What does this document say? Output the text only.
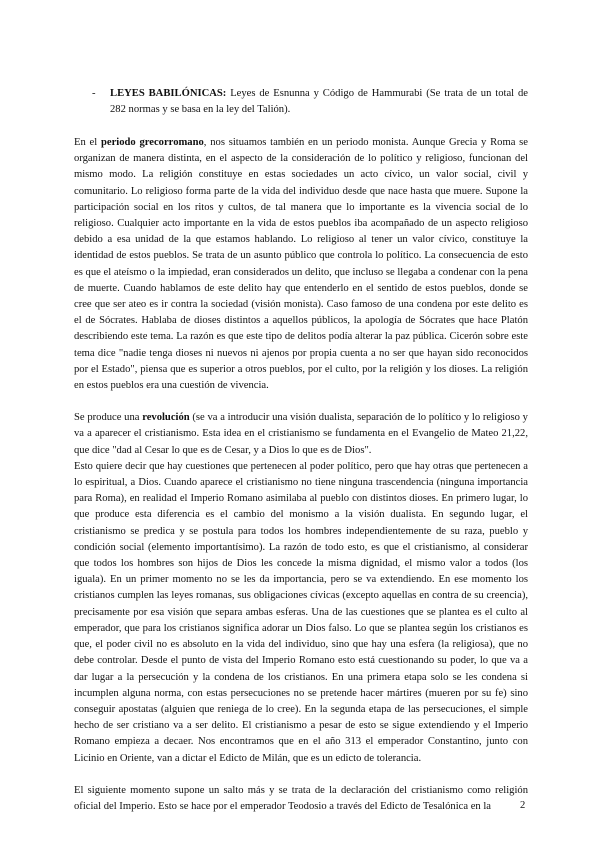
-	LEYES BABILÓNICAS: Leyes de Esnunna y Código de Hammurabi (Se trata de un total de 282 normas y se basa en la ley del Talión).

En el periodo grecorromano, nos situamos también en un periodo monista. Aunque Grecia y Roma se organizan de manera distinta, en el aspecto de la consideración de lo político y religioso, funcionan del mismo modo. La religión constituye en estas sociedades un acto cívico, un valor social, civil y comunitario. Lo religioso forma parte de la vida del individuo desde que nace hasta que muere. Supone la participación social en los ritos y cultos, de tal manera que lo importante es la vivencia social de lo religioso. Cualquier acto importante en la vida de estos pueblos iba acompañado de un aspecto religioso debido a esa unidad de la que estamos hablando. Lo religioso al tener un valor cívico, constituye la identidad de estos pueblos. Se trata de un asunto público que controla lo político. La consecuencia de esto es que el ateísmo o la impiedad, eran considerados un delito, que incluso se llegaba a condenar con la pena de muerte. Cuando hablamos de este delito hay que entenderlo en el sentido de estos pueblos, donde se cree que ser ateo es ir contra la sociedad (visión monista). Caso famoso de una condena por este delito es el de Sócrates. Hablaba de dioses distintos a aquellos públicos, la apología de Sócrates que hace Platón describiendo este tema. La razón es que este tipo de delitos podía alterar la paz pública. Cicerón sobre este tema dice "nadie tenga dioses ni nuevos ni ajenos por propia cuenta a no ser que hayan sido reconocidos por el Estado", piensa que es superior a otros pueblos, por el culto, por la religión y los dioses. La religión en estos pueblos era una cuestión de vivencia.

Se produce una revolución (se va a introducir una visión dualista, separación de lo político y lo religioso y va a aparecer el cristianismo. Esta idea en el cristianismo se fundamenta en el Evangelio de Mateo 21,22, que dice "dad al Cesar lo que es de Cesar, y a Dios lo que es de Dios".

Esto quiere decir que hay cuestiones que pertenecen al poder político, pero que hay otras que pertenecen a lo espiritual, a Dios. Cuando aparece el cristianismo no tiene ninguna trascendencia (ninguna importancia para Roma), en realidad el Imperio Romano asimilaba al pueblo con distintos dioses. En primero lugar, lo que produce esta diferencia es el cambio del monismo a la visión dualista. En segundo lugar, el cristianismo se predica y se postula para todos los hombres independientemente de su raza, pueblo y condición social (elemento importantísimo). La razón de todo esto, es que el cristianismo, al considerar que todos los hombres son hijos de Dios les concede la misma dignidad, el mismo valor a todos (los iguala). En un primer momento no se les da importancia, pero se va extendiendo. En ese momento los cristianos cumplen las leyes romanas, sus obligaciones cívicas (excepto aquellas en contra de su creencia), precisamente por esa visión que separa ambas esferas. Una de las cuestiones que se plantea es el culto al emperador, que para los cristianos significa adorar un Dios falso. Lo que se plantea según los cristianos es que, el poder civil no es absoluto en la vida del individuo, sino que hay una esfera (la religiosa), que no debe controlar. Desde el punto de vista del Imperio Romano esto está cuestionando su poder, lo que va a dar lugar a la persecución y la condena de los cristianos. En una primera etapa solo se les condena si incumplen alguna norma, con estas persecuciones no se pretende hacer mártires (mueren por su fe) sino conseguir apostatas (alguien que reniega de lo cree). En la segunda etapa de las persecuciones, el simple hecho de ser cristiano va a ser delito. El cristianismo a pesar de esto se sigue extendiendo y el Imperio Romano empieza a decaer. Nos encontramos que en el año 313 el emperador Constantino, junto con Licinio en Oriente, van a dictar el Edicto de Milán, que es un edicto de tolerancia.

El siguiente momento supone un salto más y se trata de la declaración del cristianismo como religión oficial del Imperio. Esto se hace por el emperador Teodosio a través del Edicto de Tesalónica en la	2
